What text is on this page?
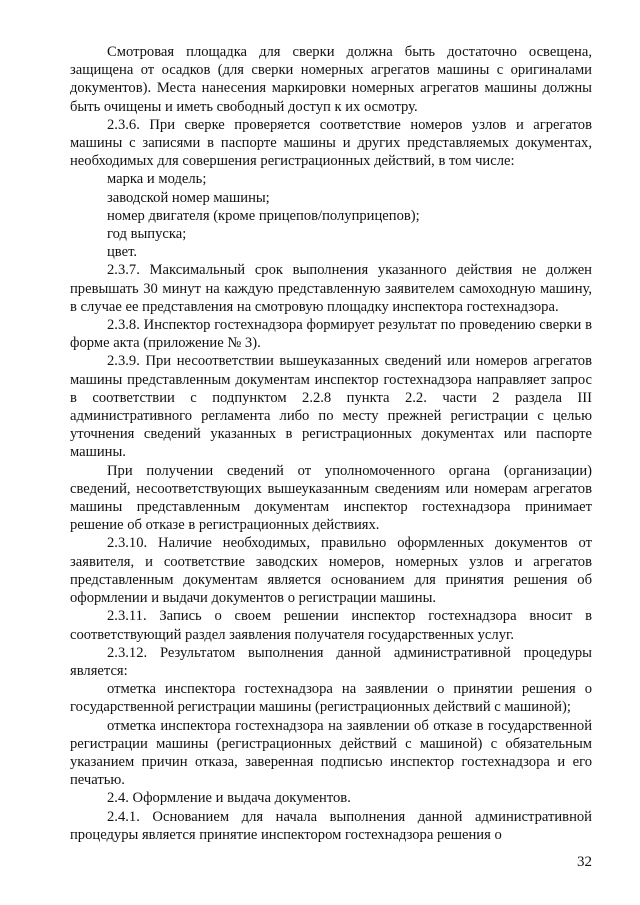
Смотровая площадка для сверки должна быть достаточно освещена, защищена от осадков (для сверки номерных агрегатов машины с оригиналами документов). Места нанесения маркировки номерных агрегатов машины должны быть очищены и иметь свободный доступ к их осмотру.

2.3.6. При сверке проверяется соответствие номеров узлов и агрегатов машины с записями в паспорте машины и других представляемых документах, необходимых для совершения регистрационных действий, в том числе:

марка и модель;

заводской номер машины;

номер двигателя (кроме прицепов/полуприцепов);

год выпуска;

цвет.

2.3.7. Максимальный срок выполнения указанного действия не должен превышать 30 минут на каждую представленную заявителем самоходную машину, в случае ее представления на смотровую площадку инспектора гостехнадзора.

2.3.8. Инспектор гостехнадзора формирует результат по проведению сверки в форме акта (приложение № 3).

2.3.9. При несоответствии вышеуказанных сведений или номеров агрегатов машины представленным документам инспектор гостехнадзора направляет запрос в соответствии с подпунктом 2.2.8 пункта 2.2. части 2 раздела III административного регламента либо по месту прежней регистрации с целью уточнения сведений указанных в регистрационных документах или паспорте машины.

При получении сведений от уполномоченного органа (организации) сведений, несоответствующих вышеуказанным сведениям или номерам агрегатов машины представленным документам инспектор гостехнадзора принимает решение об отказе в регистрационных действиях.

2.3.10. Наличие необходимых, правильно оформленных документов от заявителя, и соответствие заводских номеров, номерных узлов и агрегатов представленным документам является основанием для принятия решения об оформлении и выдачи документов о регистрации машины.

2.3.11. Запись о своем решении инспектор гостехнадзора вносит в соответствующий раздел заявления получателя государственных услуг.

2.3.12. Результатом выполнения данной административной процедуры является:

отметка инспектора гостехнадзора на заявлении о принятии решения о государственной регистрации машины (регистрационных действий с машиной);

отметка инспектора гостехнадзора на заявлении об отказе в государственной регистрации машины (регистрационных действий с машиной) с обязательным указанием причин отказа, заверенная подписью инспектор гостехнадзора и его печатью.

2.4. Оформление и выдача документов.

2.4.1. Основанием для начала выполнения данной административной процедуры является принятие инспектором гостехнадзора решения о

32
